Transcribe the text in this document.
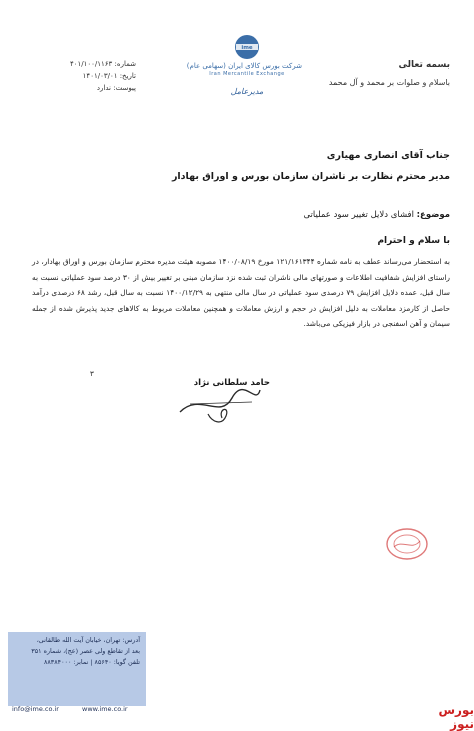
بسمه تعالی
باسلام و صلوات بر محمد و آل محمد
ime
شرکت بورس کالای ایران (سهامی عام)
Iran Mercantile Exchange
مدیرعامل
شماره: ۴۰۱/۱۰۰/۱۱۶۳
تاریخ: ۱۴۰۱/۰۳/۰۱
پیوست: ندارد
جناب آقای انصاری مهیاری
مدیر محترم نظارت بر ناشران سازمان بورس و اوراق بهادار
موضوع: افشای دلایل تغییر سود عملیاتی
با سلام و احترام
به استحضار می‌رساند عطف به نامه شماره ۱۲۱/۱۶۱۳۴۴ مورخ ۱۴۰۰/۰۸/۱۹ مصوبه هیئت مدیره محترم سازمان بورس و اوراق بهادار، در راستای افزایش شفافیت اطلاعات و صورتهای مالی ناشران ثبت شده نزد سازمان مبنی بر تغییر بیش از ۳۰ درصد سود عملیاتی نسبت به سال قبل، عمده دلایل افزایش ۷۹ درصدی سود عملیاتی در سال مالی منتهی به ۱۴۰۰/۱۲/۲۹ نسبت به سال قبل، رشد ۶۸ درصدی درآمد حاصل از کارمزد معاملات به دلیل افزایش در حجم و ارزش معاملات و همچنین معاملات مربوط به کالاهای جدید پذیرش شده از جمله سیمان و آهن اسفنجی در بازار فیزیکی می‌باشد.
۳
حامد سلطانی نژاد
آدرس: تهران، خیابان آیت الله طالقانی،
بعد از تقاطع ولی عصر (عج)، شماره ۳۵۱
تلفن گویا: ۸۵۶۴۰ | نمابر: ۸۸۳۸۴۰۰۰
info@ime.co.ir	www.ime.co.ir	بورس نیوز
